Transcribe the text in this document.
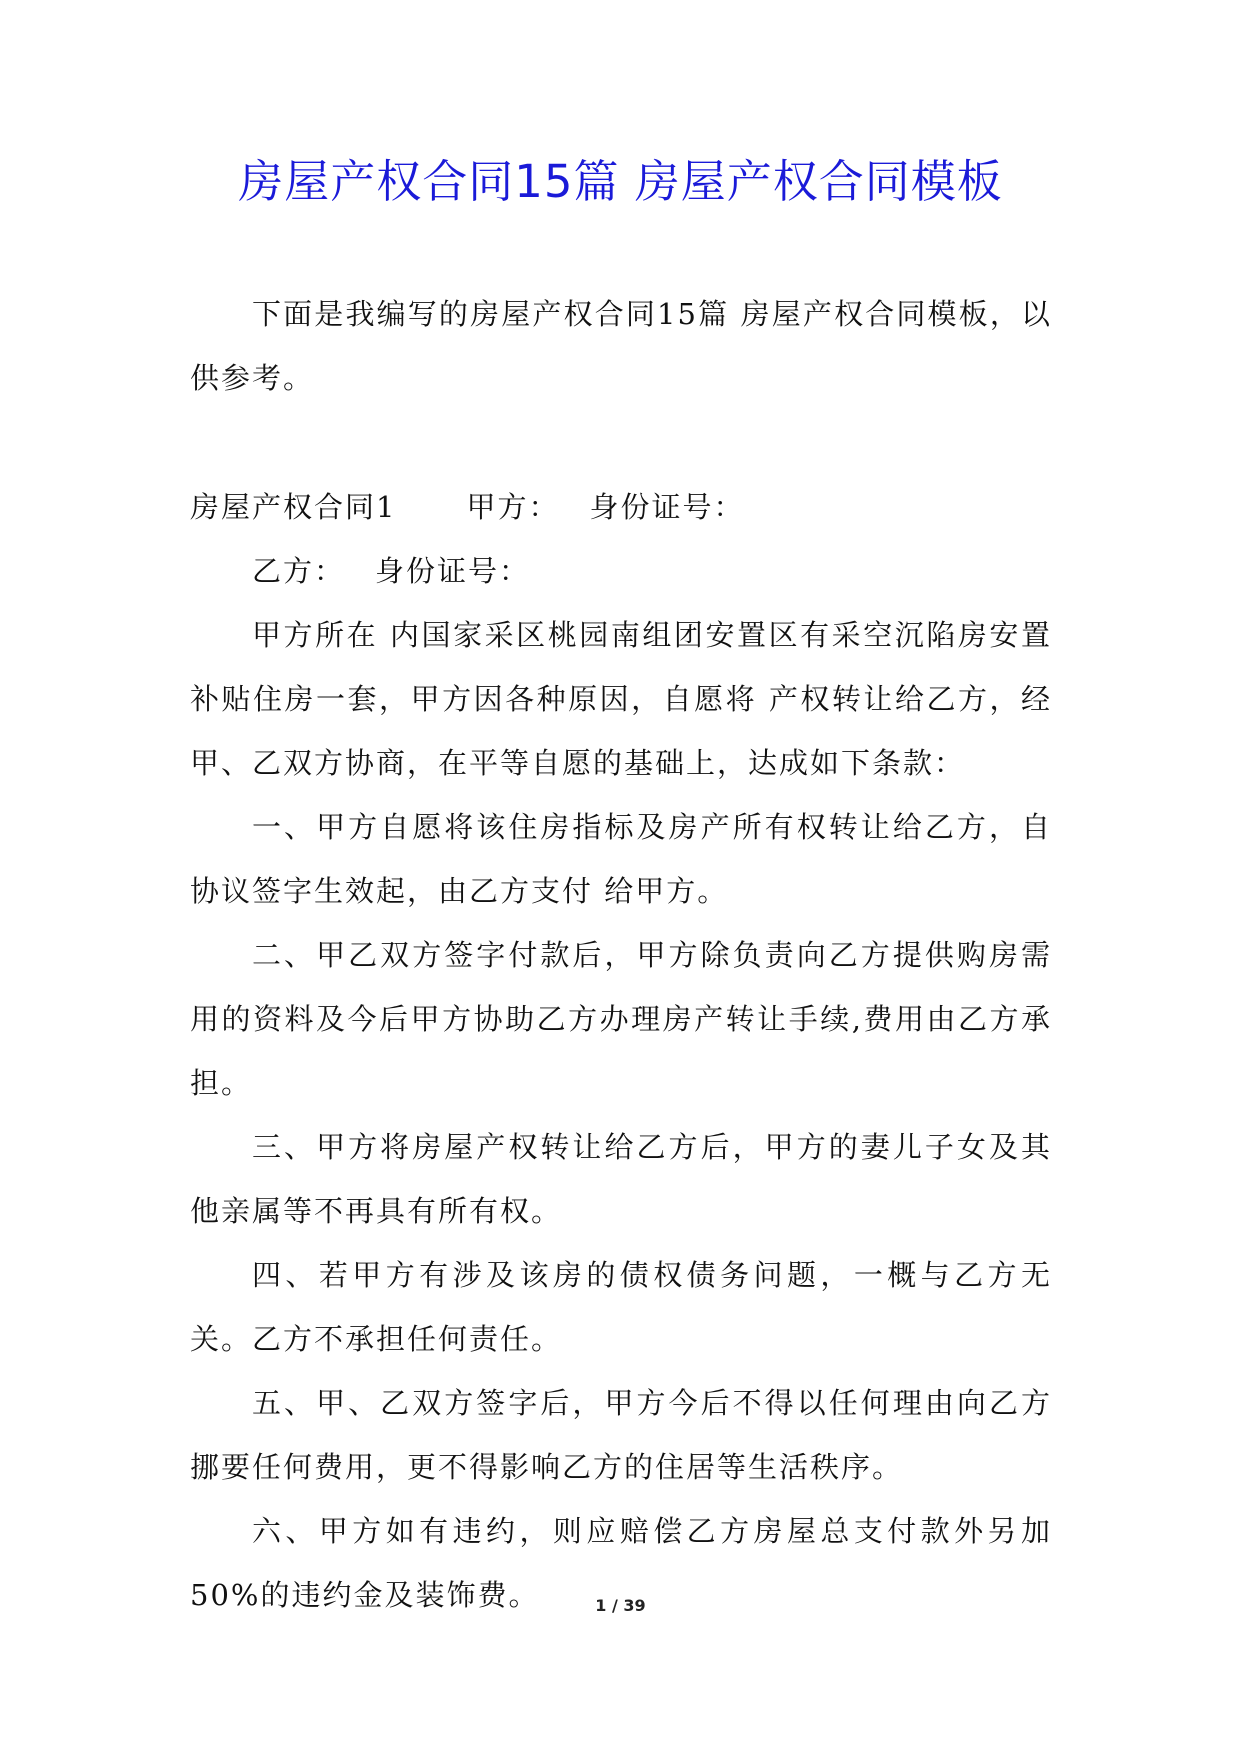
房屋产权合同15篇 房屋产权合同模板

下面是我编写的房屋产权合同15篇 房屋产权合同模板，以供参考。

房屋产权合同1 甲方： 身份证号：

乙方： 身份证号：

甲方所在 内国家采区桃园南组团安置区有采空沉陷房安置补贴住房一套，甲方因各种原因，自愿将 产权转让给乙方，经甲、乙双方协商，在平等自愿的基础上，达成如下条款：

一、甲方自愿将该住房指标及房产所有权转让给乙方，自协议签字生效起，由乙方支付 给甲方。

二、甲乙双方签字付款后，甲方除负责向乙方提供购房需用的资料及今后甲方协助乙方办理房产转让手续,费用由乙方承担。

三、甲方将房屋产权转让给乙方后，甲方的妻儿子女及其他亲属等不再具有所有权。

四、若甲方有涉及该房的债权债务问题，一概与乙方无关。乙方不承担任何责任。

五、甲、乙双方签字后，甲方今后不得以任何理由向乙方挪要任何费用，更不得影响乙方的住居等生活秩序。

六、甲方如有违约，则应赔偿乙方房屋总支付款外另加50%的违约金及装饰费。	1 / 39
